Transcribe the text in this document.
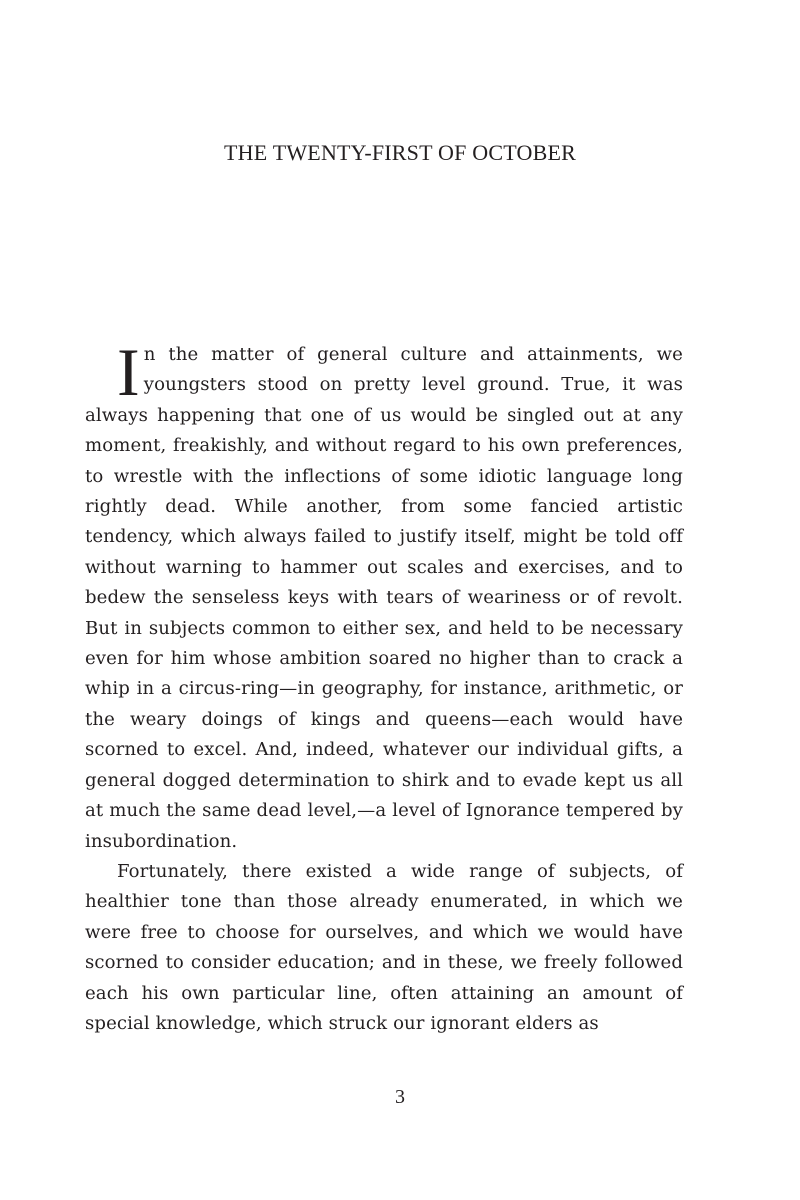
THE TWENTY-FIRST OF OCTOBER

In the matter of general culture and attainments, we youngsters stood on pretty level ground. True, it was always happening that one of us would be singled out at any moment, freakishly, and without regard to his own preferences, to wrestle with the inflections of some idiotic language long rightly dead. While another, from some fancied artistic tendency, which always failed to justify itself, might be told off without warning to hammer out scales and exercises, and to bedew the senseless keys with tears of weariness or of revolt. But in subjects common to either sex, and held to be necessary even for him whose ambition soared no higher than to crack a whip in a circus-ring—in geography, for instance, arithmetic, or the weary doings of kings and queens—each would have scorned to excel. And, indeed, whatever our individual gifts, a general dogged determination to shirk and to evade kept us all at much the same dead level,—a level of Ignorance tempered by insubordination.

Fortunately, there existed a wide range of subjects, of healthier tone than those already enumerated, in which we were free to choose for ourselves, and which we would have scorned to consider education; and in these, we freely followed each his own particular line, often attaining an amount of special knowledge, which struck our ignorant elders as

3
